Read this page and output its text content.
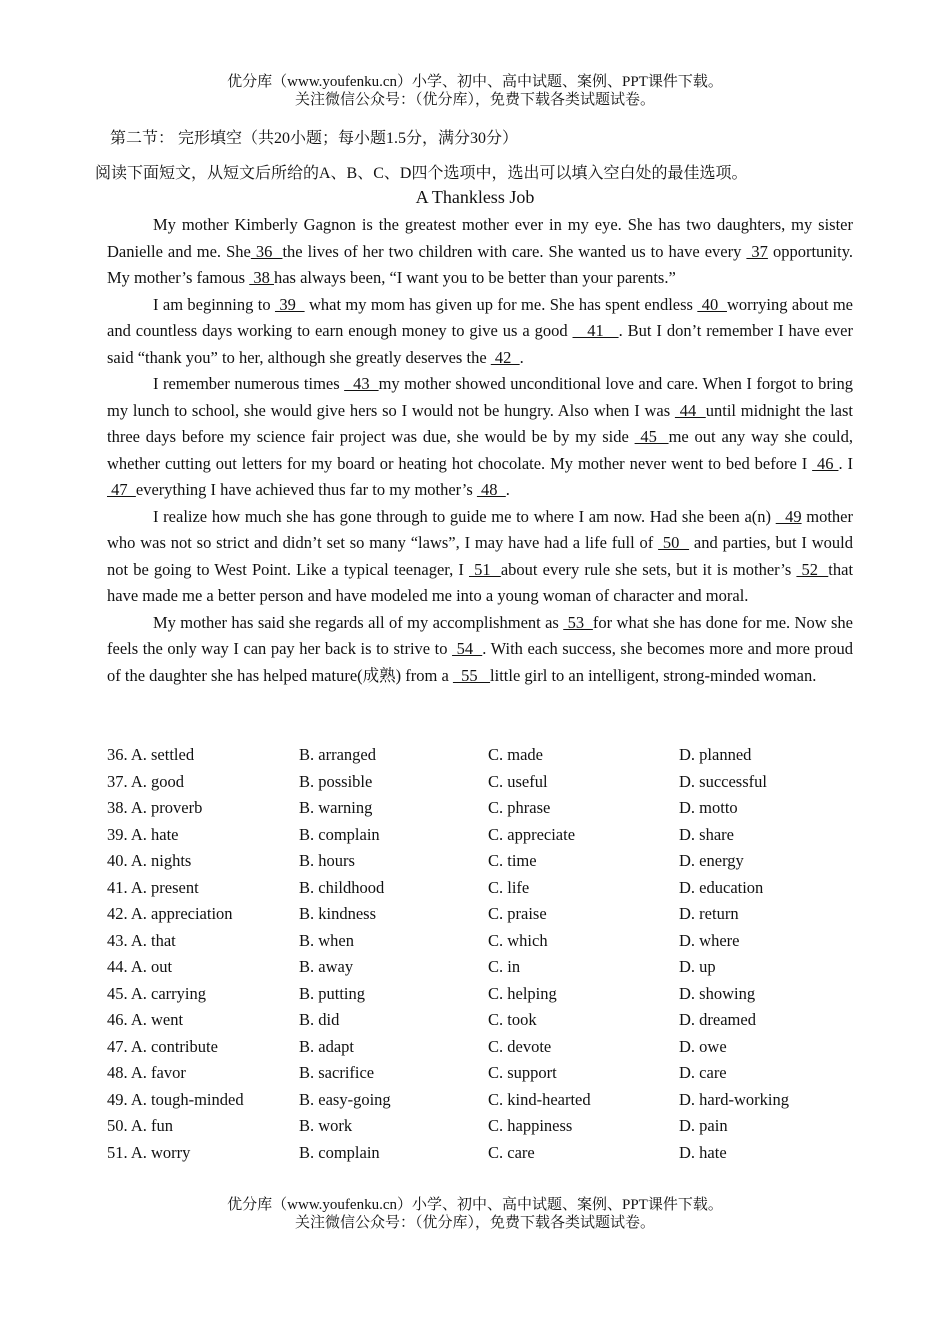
优分库（www.youfenku.cn）小学、初中、高中试题、案例、PPT课件下载。
关注微信公众号：（优分库），免费下载各类试题试卷。
第二节： 完形填空（共20小题；每小题1.5分，满分30分）
阅读下面短文，从短文后所给的A、B、C、D四个选项中，选出可以填入空白处的最佳选项。
A Thankless Job

My mother Kimberly Gagnon is the greatest mother ever in my eye. She has two daughters, my sister Danielle and me. She 36  the lives of her two children with care. She wanted us to have every  37 opportunity. My mother’s famous  38 has always been, “I want you to be better than your parents.”

I am beginning to  39   what my mom has given up for me. She has spent endless  40  worrying about me and countless days working to earn enough money to give us a good    41   . But I don’t remember I have ever said “thank you” to her, although she greatly deserves the  42  .

I remember numerous times   43  my mother showed unconditional love and care. When I forgot to bring my lunch to school, she would give hers so I would not be hungry. Also when I was  44  until midnight the last three days before my science fair project was due, she would be by my side  45  me out any way she could, whether cutting out letters for my board or heating hot chocolate. My mother never went to bed before I  46 . I  47  everything I have achieved thus far to my mother’s  48  .

I realize how much she has gone through to guide me to where I am now. Had she been a(n)   49 mother who was not so strict and didn’t set so many “laws”, I may have had a life full of  50   and parties, but I would not be going to West Point. Like a typical teenager, I  51  about every rule she sets, but it is mother’s  52  that have made me a better person and have modeled me into a young woman of character and moral.

My mother has said she regards all of my accomplishment as  53  for what she has done for me. Now she feels the only way I can pay her back is to strive to  54  . With each success, she becomes more and more proud of the daughter she has helped mature(成熟) from a   55   little girl to an intelligent, strong-minded woman.

36. A. settled	B. arranged	C. made	D. planned
37. A. good	B. possible	C. useful	D. successful
38. A. proverb	B. warning	C. phrase	D. motto
39. A. hate	B. complain	C. appreciate	D. share
40. A. nights	B. hours	C. time	D. energy
41. A. present	B. childhood	C. life	D. education
42. A. appreciation	B. kindness	C. praise	D. return
43. A. that	B. when	C. which	D. where
44. A. out	B. away	C. in	D. up
45. A. carrying	B. putting	C. helping	D. showing
46. A. went	B. did	C. took	D. dreamed
47. A. contribute	B. adapt	C. devote	D. owe
48. A. favor	B. sacrifice	C. support	D. care
49. A. tough-minded	B. easy-going	C. kind-hearted	D. hard-working
50. A. fun	B. work	C. happiness	D. pain
51. A. worry	B. complain	C. care	D. hate
优分库（www.youfenku.cn）小学、初中、高中试题、案例、PPT课件下载。
关注微信公众号：（优分库），免费下载各类试题试卷。
